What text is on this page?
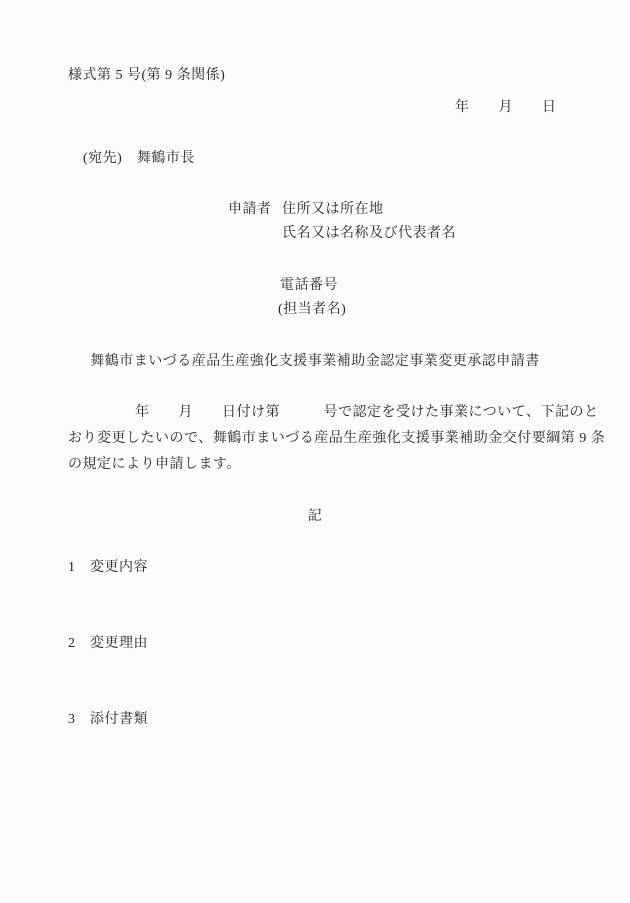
様式第 5 号(第 9 条関係)
年　　月　　日
(宛先)　舞鶴市長
申請者 住所又は所在地
氏名又は名称及び代表者名
電話番号
(担当者名)
舞鶴市まいづる産品生産強化支援事業補助金認定事業変更承認申請書
年　　月　　日付け第　　　号で認定を受けた事業について、下記のと
おり変更したいので、舞鶴市まいづる産品生産強化支援事業補助金交付要綱第 9 条
の規定により申請します。
記
1	変更内容
2	変更理由
3	添付書類
